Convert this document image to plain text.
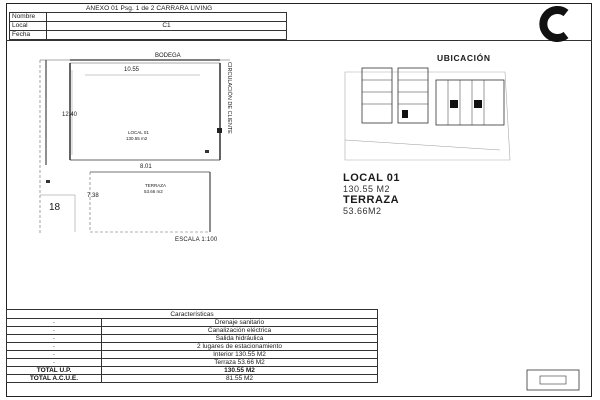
ANEXO 01 Psg. 1 de 2 CARRARA LIVING
Nombre	
Local	C1
Fecha	
BODEGA
10.55
12.40
LOCAL 01
130.55 m2
8.01
7.38
TERRAZA
53.66 m2
CIRCULACIÓN DE CLIENTE
18
ESCALA 1:100
UBICACIÓN
LOCAL 01
130.55 M2
TERRAZA
53.66M2
Características	
-	Drenaje sanitario
-	Canalización eléctrica
-	Salida hidráulica
-	2 lugares de estacionamiento
-	Interior 130.55 M2
-	Terraza 53.66 M2
TOTAL U.P.	130.55 M2
TOTAL A.C.U.E.	81.55 M2
